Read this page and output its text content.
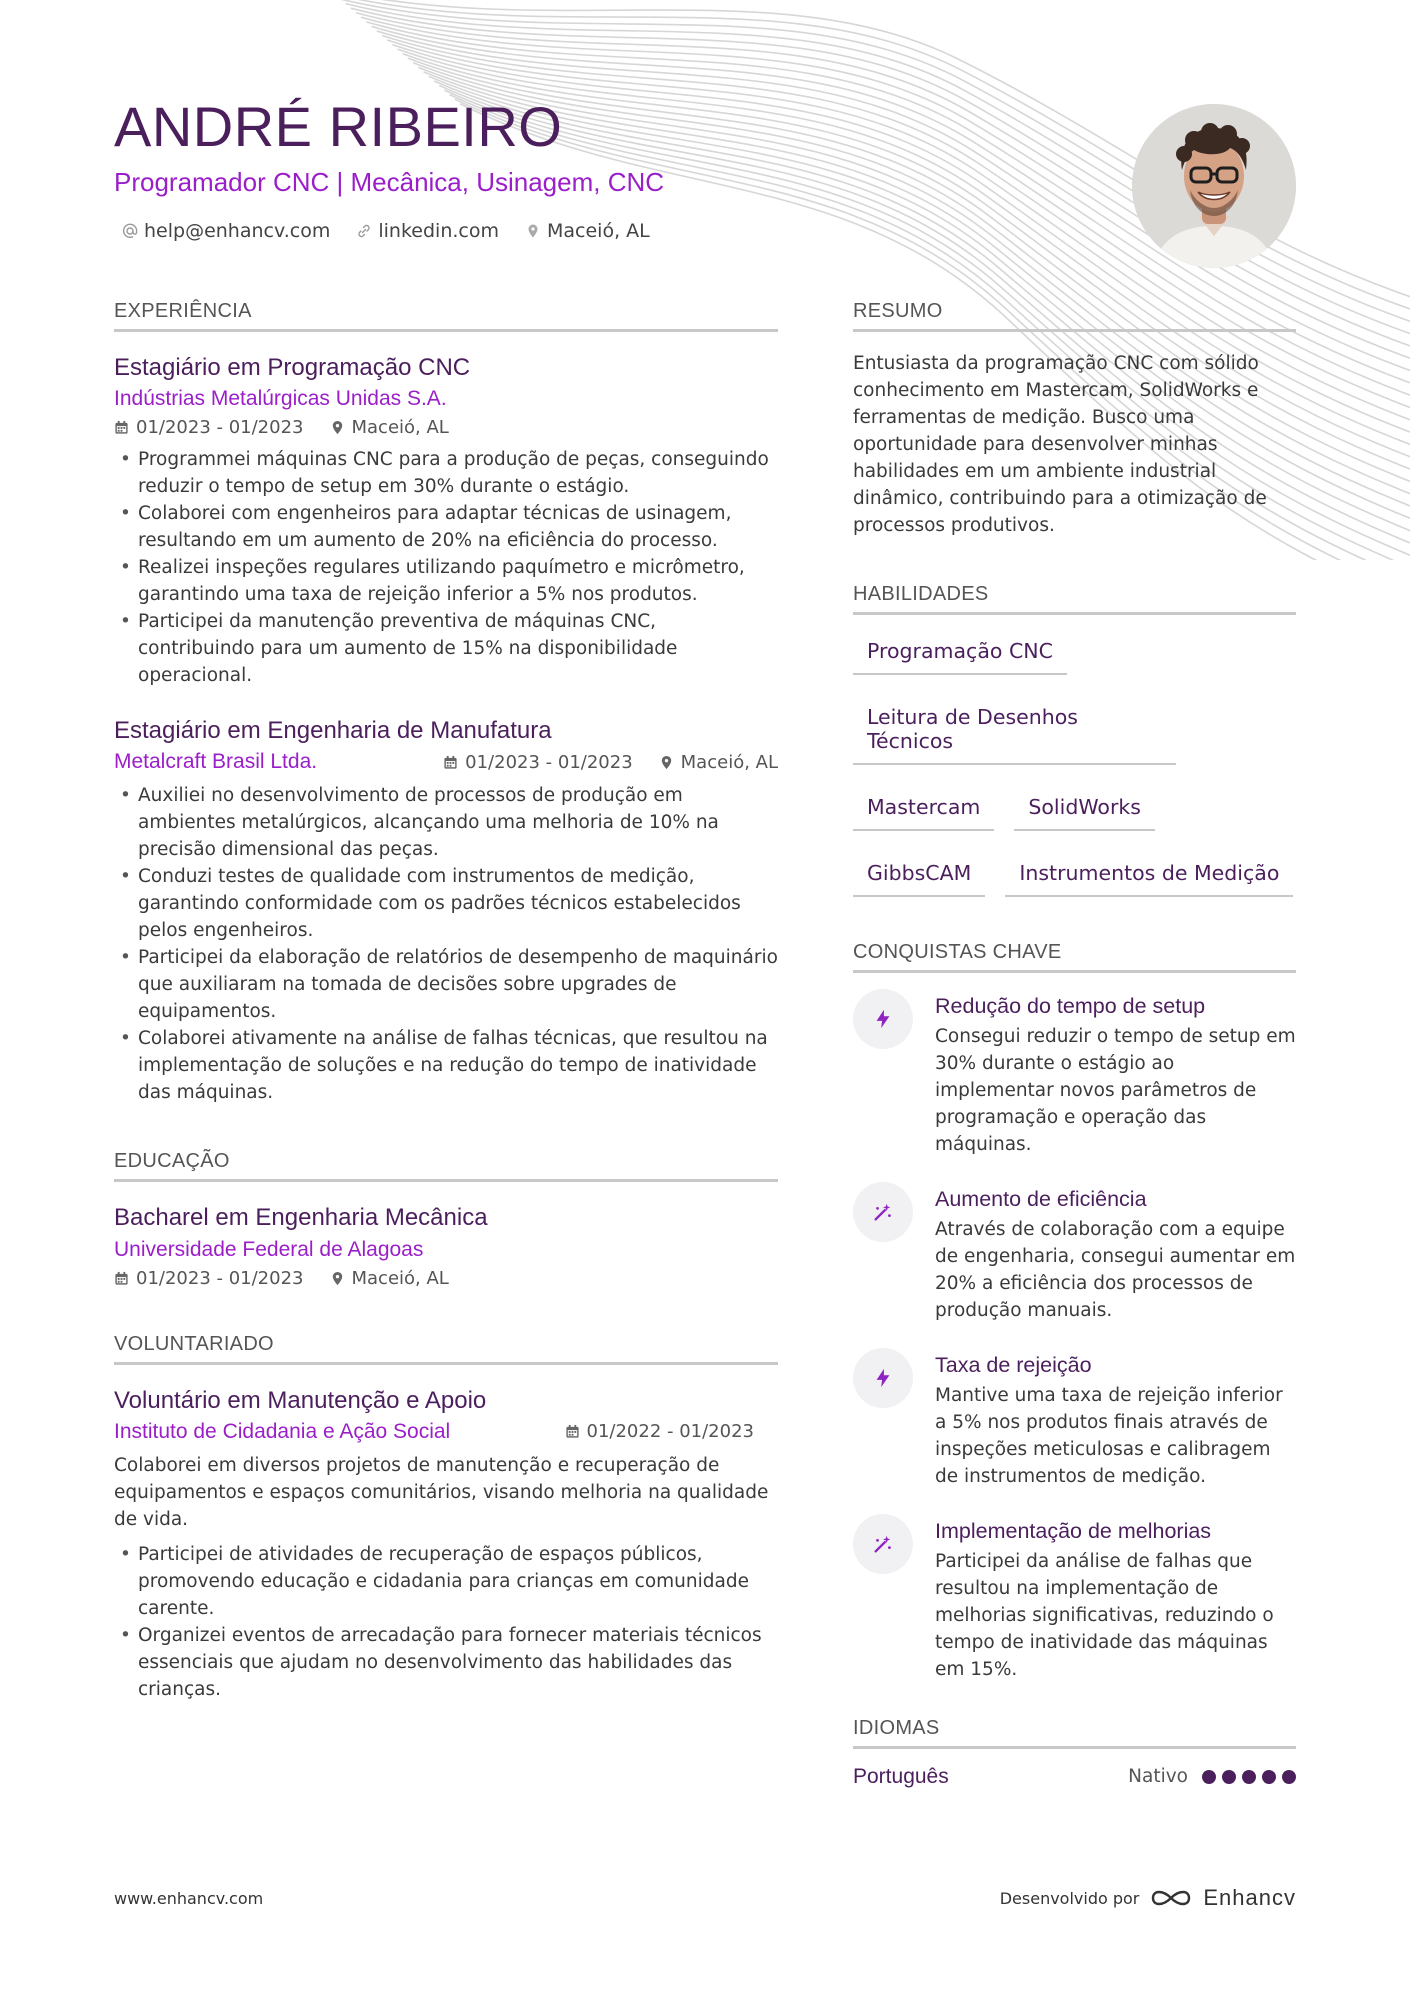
ANDRÉ RIBEIRO
Programador CNC | Mecânica, Usinagem, CNC
help@enhancv.com	linkedin.com	Maceió, AL
EXPERIÊNCIA
Estagiário em Programação CNC
Indústrias Metalúrgicas Unidas S.A.
01/2023 - 01/2023	Maceió, AL
• Programmei máquinas CNC para a produção de peças, conseguindo reduzir o tempo de setup em 30% durante o estágio.
• Colaborei com engenheiros para adaptar técnicas de usinagem, resultando em um aumento de 20% na eficiência do processo.
• Realizei inspeções regulares utilizando paquímetro e micrômetro, garantindo uma taxa de rejeição inferior a 5% nos produtos.
• Participei da manutenção preventiva de máquinas CNC, contribuindo para um aumento de 15% na disponibilidade operacional.
Estagiário em Engenharia de Manufatura
Metalcraft Brasil Ltda.	01/2023 - 01/2023	Maceió, AL
• Auxiliei no desenvolvimento de processos de produção em ambientes metalúrgicos, alcançando uma melhoria de 10% na precisão dimensional das peças.
• Conduzi testes de qualidade com instrumentos de medição, garantindo conformidade com os padrões técnicos estabelecidos pelos engenheiros.
• Participei da elaboração de relatórios de desempenho de maquinário que auxiliaram na tomada de decisões sobre upgrades de equipamentos.
• Colaborei ativamente na análise de falhas técnicas, que resultou na implementação de soluções e na redução do tempo de inatividade das máquinas.
EDUCAÇÃO
Bacharel em Engenharia Mecânica
Universidade Federal de Alagoas
01/2023 - 01/2023	Maceió, AL
VOLUNTARIADO
Voluntário em Manutenção e Apoio
Instituto de Cidadania e Ação Social	01/2022 - 01/2023
Colaborei em diversos projetos de manutenção e recuperação de equipamentos e espaços comunitários, visando melhoria na qualidade de vida.
• Participei de atividades de recuperação de espaços públicos, promovendo educação e cidadania para crianças em comunidade carente.
• Organizei eventos de arrecadação para fornecer materiais técnicos essenciais que ajudam no desenvolvimento das habilidades das crianças.
RESUMO
Entusiasta da programação CNC com sólido conhecimento em Mastercam, SolidWorks e ferramentas de medição. Busco uma oportunidade para desenvolver minhas habilidades em um ambiente industrial dinâmico, contribuindo para a otimização de processos produtivos.
HABILIDADES
Programação CNC
Leitura de Desenhos Técnicos
Mastercam	SolidWorks
GibbsCAM	Instrumentos de Medição
CONQUISTAS CHAVE
Redução do tempo de setup
Consegui reduzir o tempo de setup em 30% durante o estágio ao implementar novos parâmetros de programação e operação das máquinas.
Aumento de eficiência
Através de colaboração com a equipe de engenharia, consegui aumentar em 20% a eficiência dos processos de produção manuais.
Taxa de rejeição
Mantive uma taxa de rejeição inferior a 5% nos produtos finais através de inspeções meticulosas e calibragem de instrumentos de medição.
Implementação de melhorias
Participei da análise de falhas que resultou na implementação de melhorias significativas, reduzindo o tempo de inatividade das máquinas em 15%.
IDIOMAS
Português	Nativo
www.enhancv.com	Desenvolvido por	Enhancv
